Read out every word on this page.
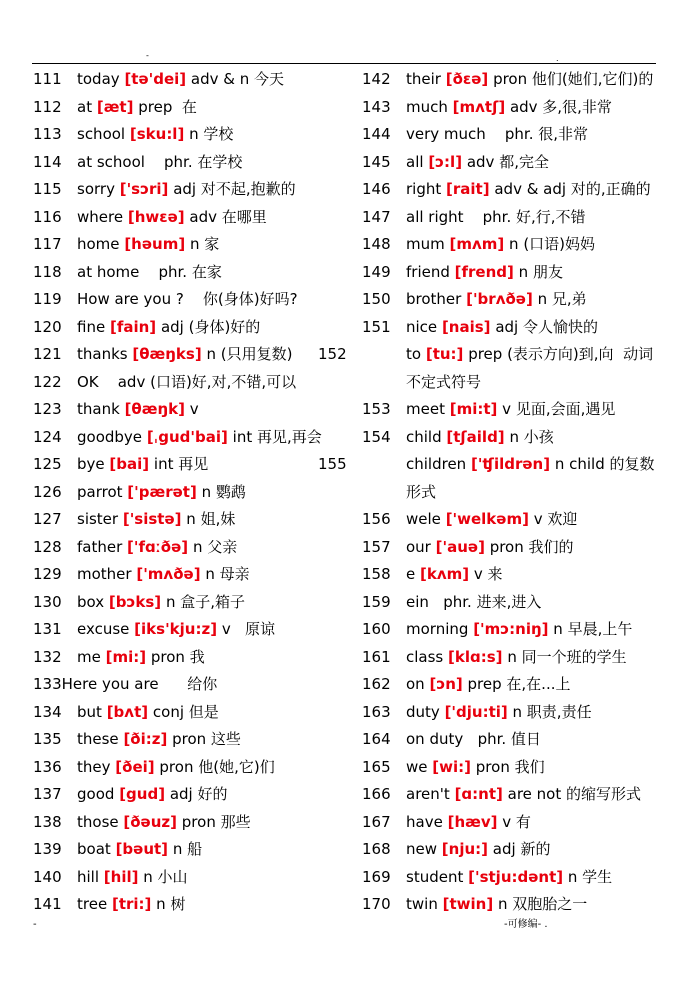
-	.
111 today [tə'dei] adv & n 今天
112 at [æt] prep  在
113 school [sku:l] n 学校
114 at school    phr. 在学校
115 sorry ['sɔri] adj 对不起,抱歉的
116 where [hwεə] adv 在哪里
117 home [həum] n 家
118 at home    phr. 在家
119 How are you ?    你(身体)好吗?
120 fine [fain] adj (身体)好的
121 thanks [θæŋks] n (只用复数)
122 OK    adv (口语)好,对,不错,可以
123 thank [θæŋk] v
124 goodbye [ˌgud'bai] int 再见,再会
125 bye [bai] int 再见
126 parrot ['pærət] n 鹦鹉
127 sister ['sistə] n 姐,妹
128 father ['fɑːðə] n 父亲
129 mother ['mʌðə] n 母亲
130 box [bɔks] n 盒子,箱子
131 excuse [iks'kju:z] v   原谅
132 me [mi:] pron 我
133Here you are      给你
134 but [bʌt] conj 但是
135 these [ði:z] pron 这些
136 they [ðei] pron 他(她,它)们
137 good [gud] adj 好的
138 those [ðəuz] pron 那些
139 boat [bəut] n 船
140 hill [hil] n 小山
141 tree [tri:] n 树
142 their [ðεə] pron 他们(她们,它们)的
143 much [mʌtʃ] adv 多,很,非常
144 very much    phr. 很,非常
145 all [ɔ:l] adv 都,完全
146 right [rait] adv & adj 对的,正确的
147 all right    phr. 好,行,不错
148 mum [mʌm] n (口语)妈妈
149 friend [frend] n 朋友
150 brother ['brʌðə] n 兄,弟
151 nice [nais] adj 令人愉快的
152	to [tu:] prep (表示方向)到,向  动词不定式符号
153 meet [mi:t] v 见面,会面,遇见
154 child [tʃaild] n 小孩
155	children ['ʧildrən] n child 的复数形式
156 wele ['welkəm] v 欢迎
157 our ['auə] pron 我们的
158 e [kʌm] v 来
159 ein   phr. 进来,进入
160 morning ['mɔ:niŋ] n 早晨,上午
161 class [klɑ:s] n 同一个班的学生
162 on [ɔn] prep 在,在...上
163 duty ['dju:ti] n 职责,责任
164 on duty   phr. 值日
165 we [wi:] pron 我们
166 aren't [ɑ:nt] are not 的缩写形式
167 have [hæv] v 有
168 new [nju:] adj 新的
169 student ['stju:dənt] n 学生
170 twin [twin] n 双胞胎之一
-	-可修编- .
